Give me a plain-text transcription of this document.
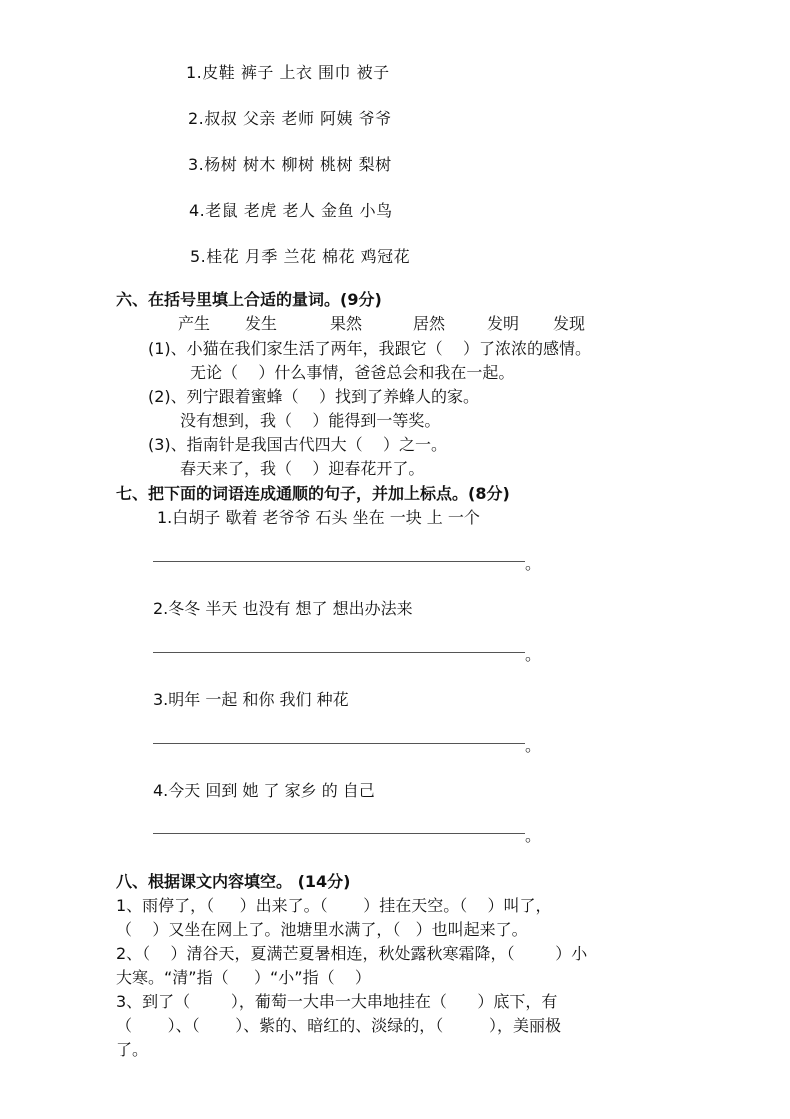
1.皮鞋 裤子 上衣 围巾 被子
2.叔叔 父亲 老师 阿姨 爷爷
3.杨树 树木 柳树 桃树 梨树
4.老鼠 老虎 老人 金鱼 小鸟
5.桂花 月季 兰花 棉花 鸡冠花
六、在括号里填上合适的量词。(9分)
产生 发生	果然	居然	发明 发现
(1)、小猫在我们家生活了两年，我跟它（    ）了浓浓的感情。
无论（    ）什么事情，爸爸总会和我在一起。
(2)、列宁跟着蜜蜂（    ）找到了养蜂人的家。
没有想到，我（    ）能得到一等奖。
(3)、指南针是我国古代四大（    ）之一。
春天来了，我（    ）迎春花开了。
七、把下面的词语连成通顺的句子，并加上标点。(8分)
1.白胡子 歇着 老爷爷 石头 坐在 一块 上 一个
。
2.冬冬 半天 也没有 想了 想出办法来
。
3.明年 一起 和你 我们 种花
。
4.今天 回到 她 了 家乡 的 自己
。
八、根据课文内容填空。 (14分)
1、雨停了，（     ）出来了。（       ）挂在天空。（    ）叫了，
（    ）又坐在网上了。池塘里水满了，（   ）也叫起来了。
2、（    ）清谷天，夏满芒夏暑相连，秋处露秋寒霜降，（        ）小
大寒。“清”指（     ）“小”指（    ）
3、到了（        ），葡萄一大串一大串地挂在（      ）底下，有
（       ）、（       ）、紫的、暗红的、淡绿的，（         ），美丽极
了。
